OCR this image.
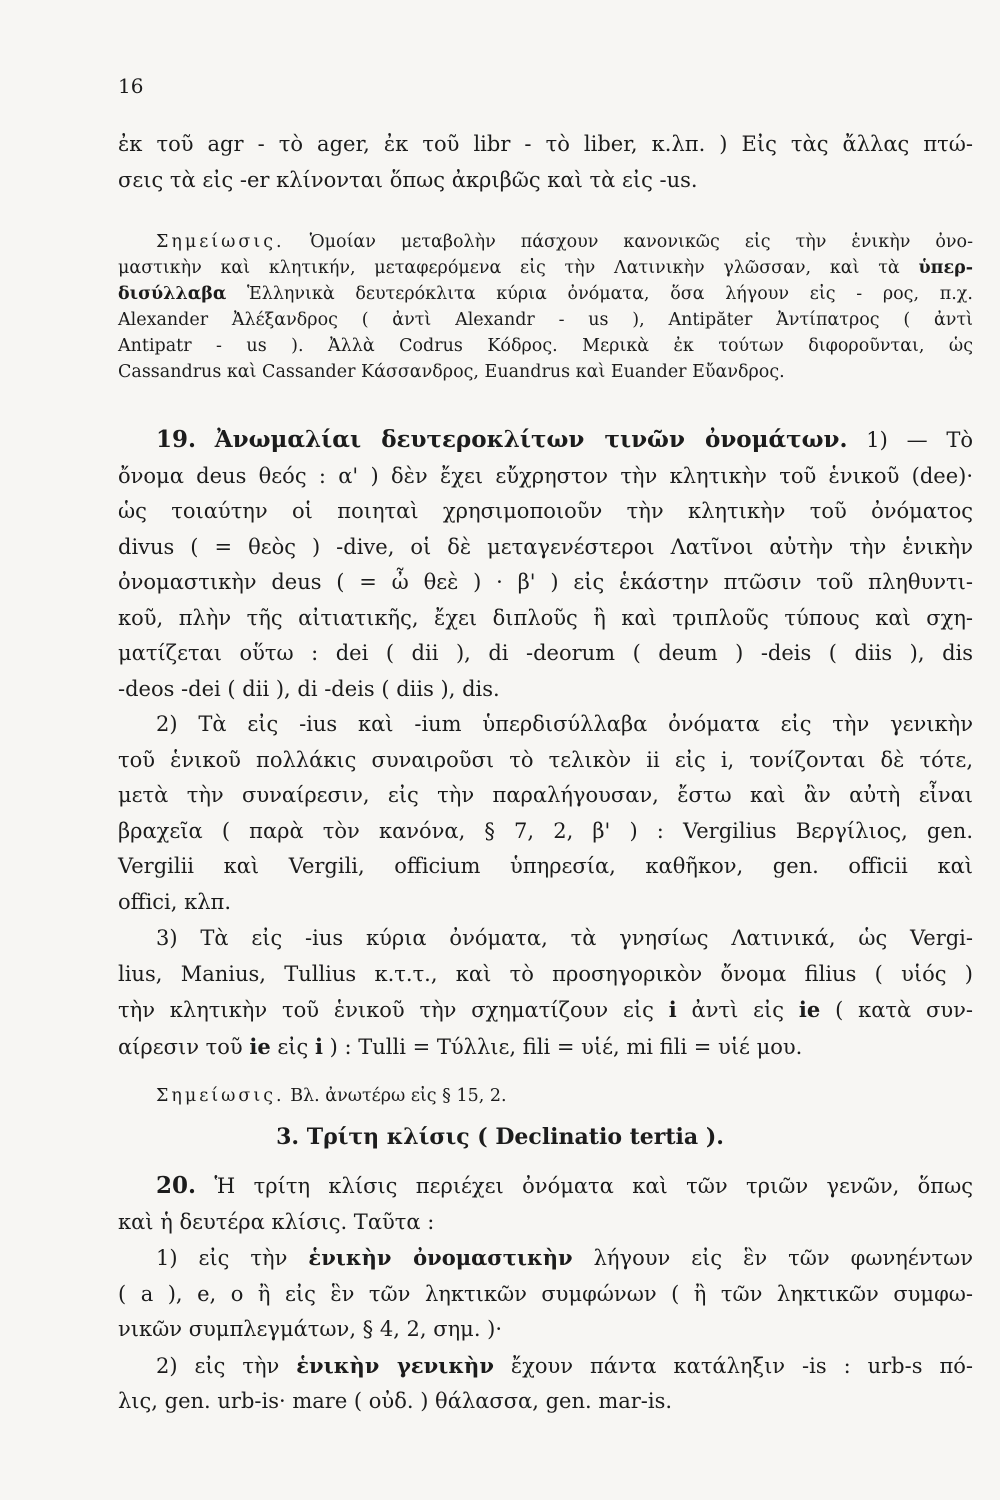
16
ἐκ τοῦ agr - τὸ ager, ἐκ τοῦ libr - τὸ liber, κ.λπ. ) Εἰς τὰς ἄλλας πτώ-
σεις τὰ εἰς -er κλίνονται ὅπως ἀκριβῶς καὶ τὰ εἰς -us.
Σημείωσις. Ὁμοίαν μεταβολὴν πάσχουν κανονικῶς εἰς τὴν ἑνικὴν ὀνο-
μαστικὴν καὶ κλητικήν, μεταφερόμενα εἰς τὴν Λατινικὴν γλῶσσαν, καὶ τὰ ὑπερ-
δισύλλαβα Ἑλληνικὰ δευτερόκλιτα κύρια ὀνόματα, ὅσα λήγουν εἰς - ρος, π.χ.
Alexander Ἀλέξανδρος ( ἀντὶ Alexandr - us ), Antipăter Ἀντίπατρος ( ἀντὶ
Antipatr - us ). Ἀλλὰ Codrus Κόδρος. Μερικὰ ἐκ τούτων διφοροῦνται, ὡς
Cassandrus καὶ Cassander Κάσσανδρος, Euandrus καὶ Euander Εὔανδρος.
19. Ἀνωμαλίαι δευτεροκλίτων τινῶν ὀνομάτων. 1) — Τὸ
ὄνομα deus θεός : α' ) δὲν ἔχει εὔχρηστον τὴν κλητικὴν τοῦ ἑνικοῦ (dee)·
ὡς τοιαύτην οἱ ποιηταὶ χρησιμοποιοῦν τὴν κλητικὴν τοῦ ὀνόματος
divus ( = θεὸς ) -dive, οἱ δὲ μεταγενέστεροι Λατῖνοι αὐτὴν τὴν ἑνικὴν
ὀνομαστικὴν deus ( = ὦ θεὲ ) · β' ) εἰς ἑκάστην πτῶσιν τοῦ πληθυντι-
κοῦ, πλὴν τῆς αἰτιατικῆς, ἔχει διπλοῦς ἢ καὶ τριπλοῦς τύπους καὶ σχη-
ματίζεται οὕτω : dei ( dii ), di -deorum ( deum ) -deis ( diis ), dis
-deos -dei ( dii ), di -deis ( diis ), dis.
2) Τὰ εἰς -ius καὶ -ium ὑπερδισύλλαβα ὀνόματα εἰς τὴν γενικὴν
τοῦ ἑνικοῦ πολλάκις συναιροῦσι τὸ τελικὸν ii εἰς i, τονίζονται δὲ τότε,
μετὰ τὴν συναίρεσιν, εἰς τὴν παραλήγουσαν, ἔστω καὶ ἂν αὐτὴ εἶναι
βραχεῖα ( παρὰ τὸν κανόνα, § 7, 2, β' ) : Vergilius Βεργίλιος, gen.
Vergilii καὶ Vergili, officium ὑπηρεσία, καθῆκον, gen. officii καὶ
offici, κλπ.
3) Τὰ εἰς -ius κύρια ὀνόματα, τὰ γνησίως Λατινικά, ὡς Vergi-
lius, Manius, Tullius κ.τ.τ., καὶ τὸ προσηγορικὸν ὄνομα filius ( υἱός )
τὴν κλητικὴν τοῦ ἑνικοῦ τὴν σχηματίζουν εἰς i ἀντὶ εἰς ie ( κατὰ συν-
αίρεσιν τοῦ ie εἰς i ) : Tulli = Τύλλιε, fili = υἱέ, mi fili = υἱέ μου.
Σημείωσις. Βλ. ἀνωτέρω εἰς § 15, 2.
3. Τρίτη κλίσις ( Declinatio tertia ).
20. Ἡ τρίτη κλίσις περιέχει ὀνόματα καὶ τῶν τριῶν γενῶν, ὅπως
καὶ ἡ δευτέρα κλίσις. Ταῦτα :
1) εἰς τὴν ἑνικὴν ὀνομαστικὴν λήγουν εἰς ἓν τῶν φωνηέντων
( a ), e, o ἢ εἰς ἓν τῶν ληκτικῶν συμφώνων ( ἢ τῶν ληκτικῶν συμφω-
νικῶν συμπλεγμάτων, § 4, 2, σημ. )·
2) εἰς τὴν ἑνικὴν γενικὴν ἔχουν πάντα κατάληξιν -is : urb-s πό-
λις, gen. urb-is· mare ( οὐδ. ) θάλασσα, gen. mar-is.
